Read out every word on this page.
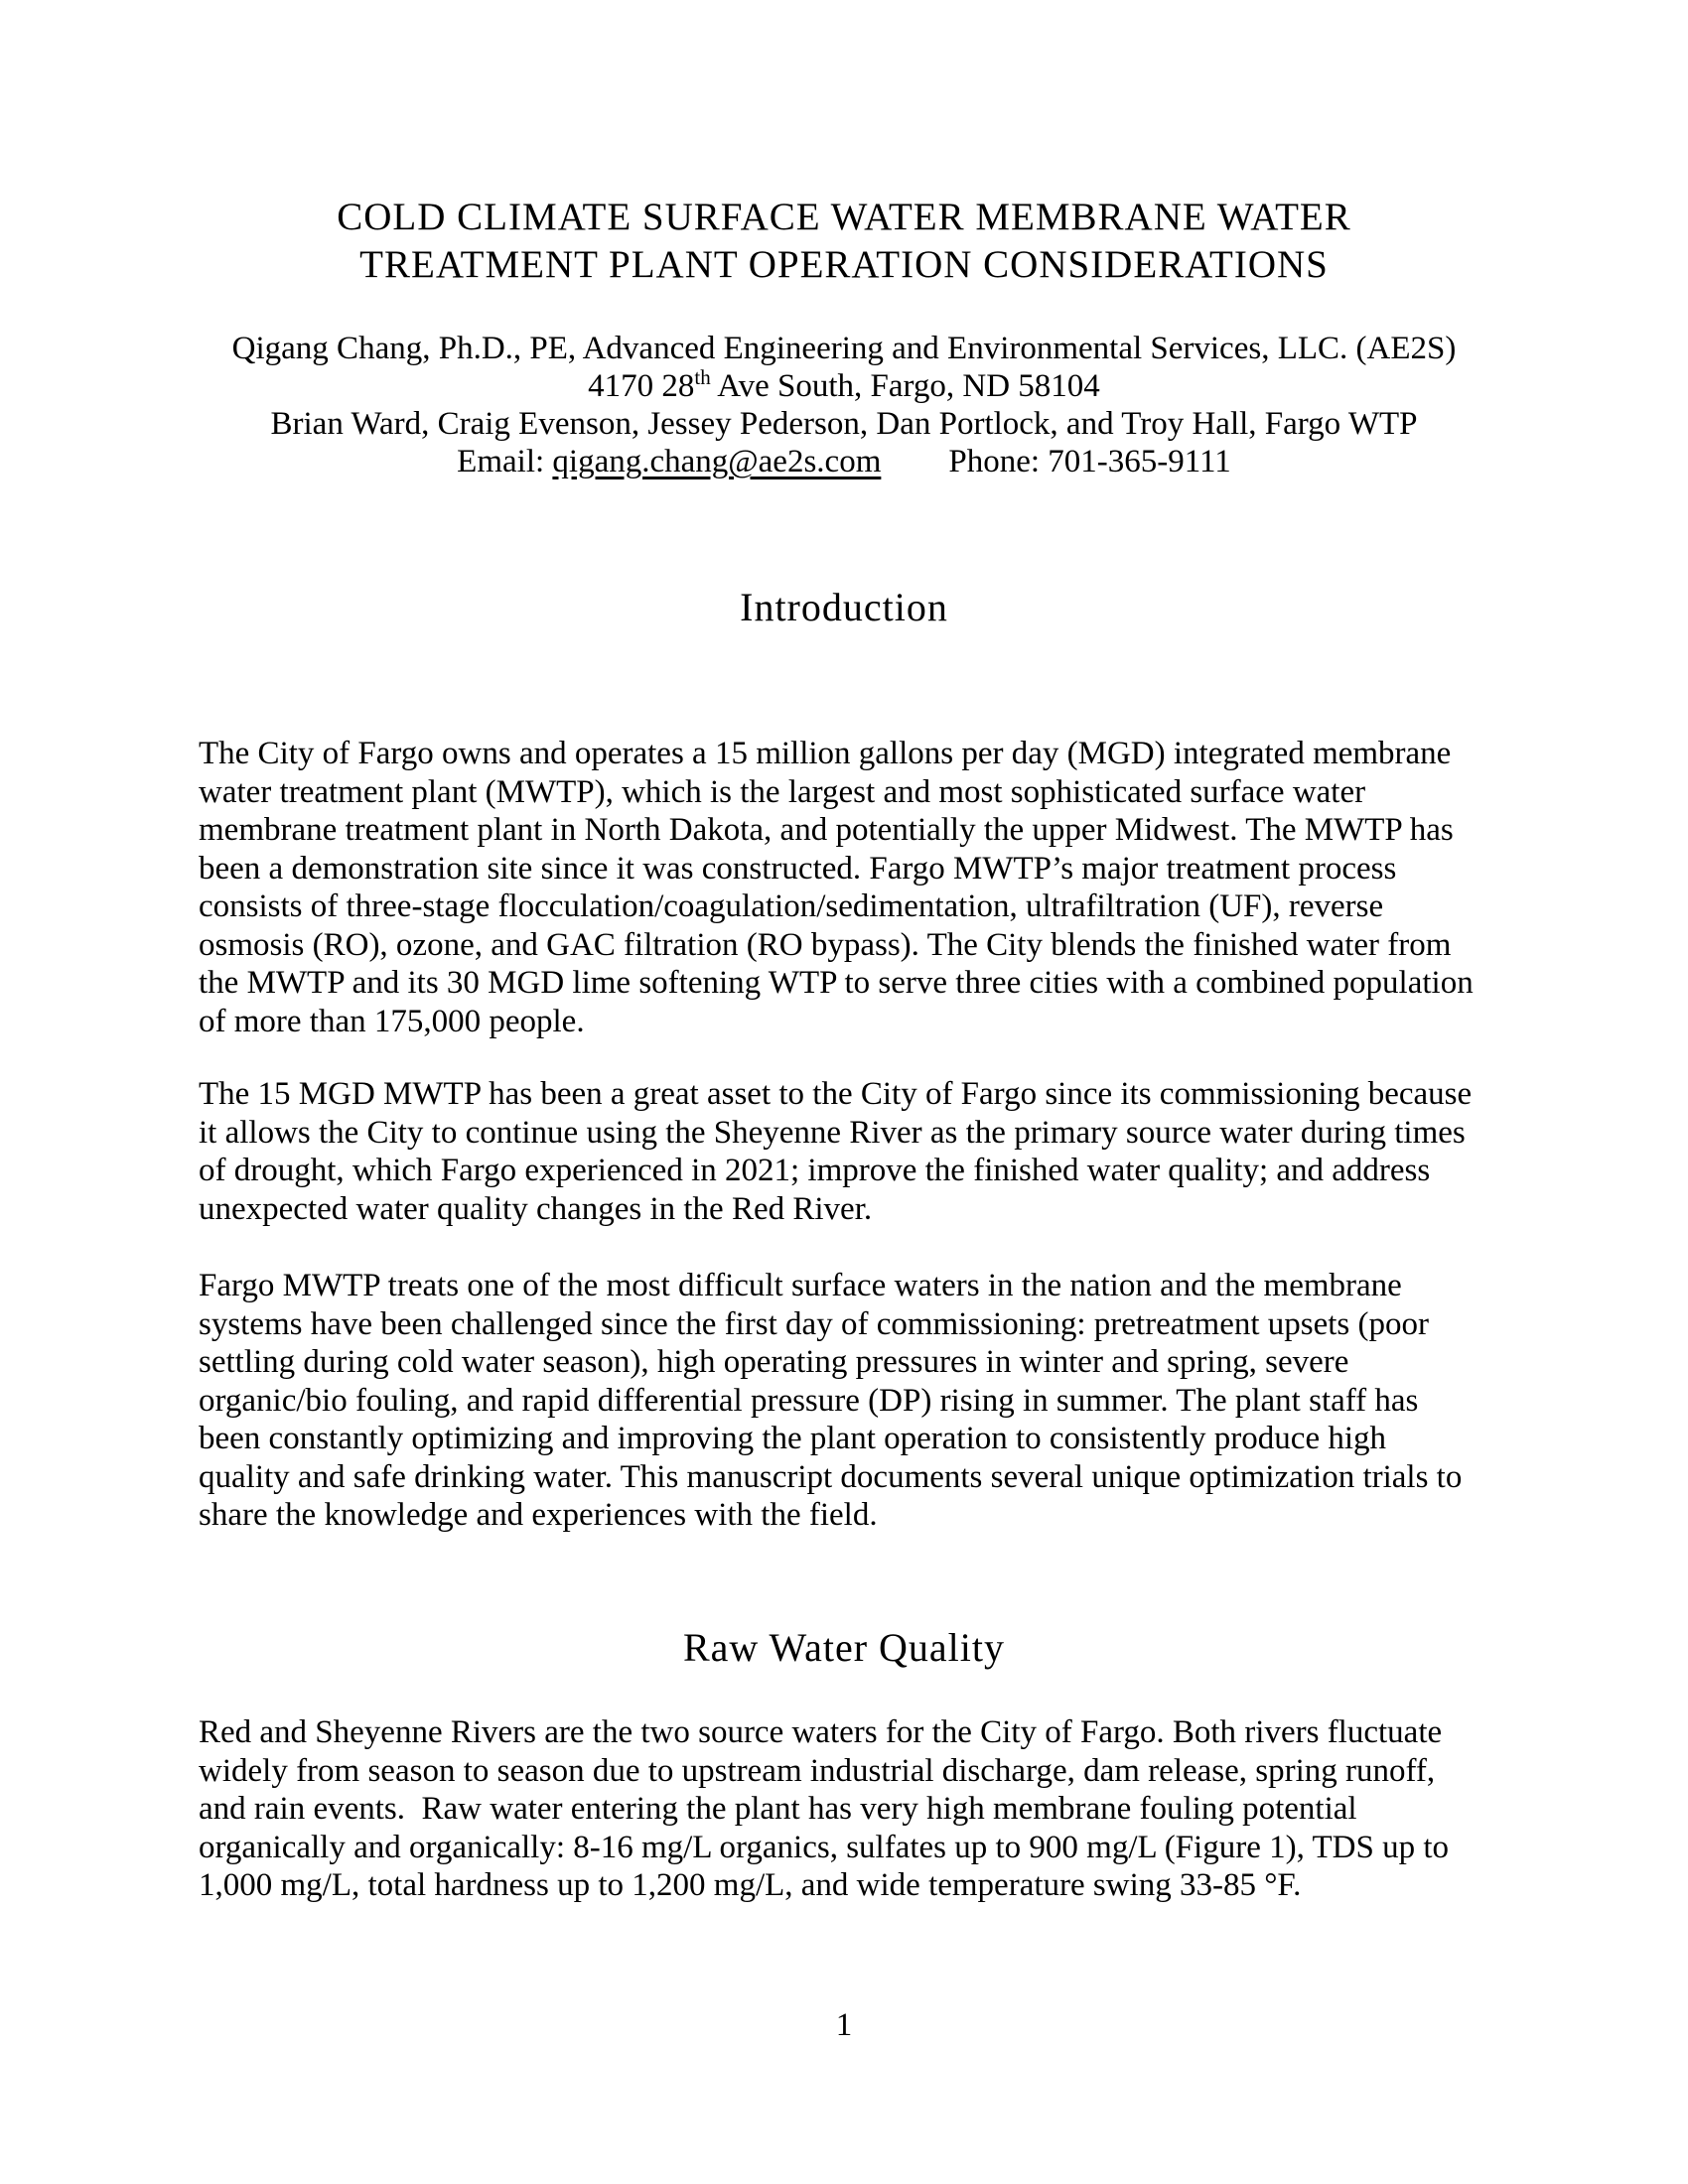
COLD CLIMATE SURFACE WATER MEMBRANE WATER
TREATMENT PLANT OPERATION CONSIDERATIONS
Qigang Chang, Ph.D., PE, Advanced Engineering and Environmental Services, LLC. (AE2S)
4170 28th Ave South, Fargo, ND 58104
Brian Ward, Craig Evenson, Jessey Pederson, Dan Portlock, and Troy Hall, Fargo WTP
Email: qigang.chang@ae2s.com Phone: 701-365-9111
Introduction
The City of Fargo owns and operates a 15 million gallons per day (MGD) integrated membrane
water treatment plant (MWTP), which is the largest and most sophisticated surface water
membrane treatment plant in North Dakota, and potentially the upper Midwest. The MWTP has
been a demonstration site since it was constructed. Fargo MWTP’s major treatment process
consists of three-stage flocculation/coagulation/sedimentation, ultrafiltration (UF), reverse
osmosis (RO), ozone, and GAC filtration (RO bypass). The City blends the finished water from
the MWTP and its 30 MGD lime softening WTP to serve three cities with a combined population
of more than 175,000 people.
The 15 MGD MWTP has been a great asset to the City of Fargo since its commissioning because
it allows the City to continue using the Sheyenne River as the primary source water during times
of drought, which Fargo experienced in 2021; improve the finished water quality; and address
unexpected water quality changes in the Red River.
Fargo MWTP treats one of the most difficult surface waters in the nation and the membrane
systems have been challenged since the first day of commissioning: pretreatment upsets (poor
settling during cold water season), high operating pressures in winter and spring, severe
organic/bio fouling, and rapid differential pressure (DP) rising in summer. The plant staff has
been constantly optimizing and improving the plant operation to consistently produce high
quality and safe drinking water. This manuscript documents several unique optimization trials to
share the knowledge and experiences with the field.
Raw Water Quality
Red and Sheyenne Rivers are the two source waters for the City of Fargo. Both rivers fluctuate
widely from season to season due to upstream industrial discharge, dam release, spring runoff,
and rain events.  Raw water entering the plant has very high membrane fouling potential
organically and organically: 8-16 mg/L organics, sulfates up to 900 mg/L (Figure 1), TDS up to
1,000 mg/L, total hardness up to 1,200 mg/L, and wide temperature swing 33-85 °F.
1
